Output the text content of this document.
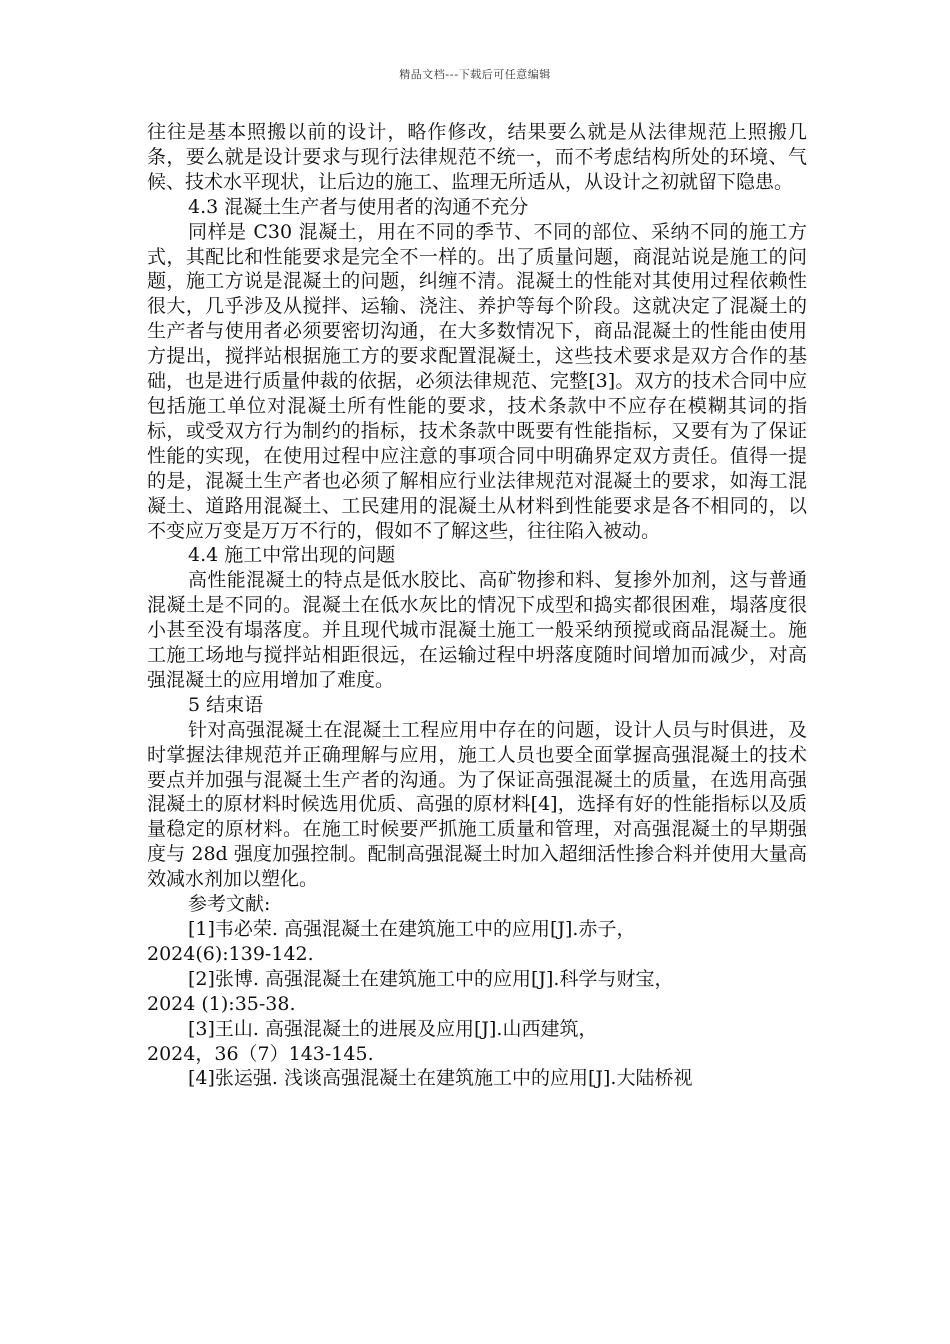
精品文档---下载后可任意编辑

往往是基本照搬以前的设计，略作修改，结果要么就是从法律规范上照搬几条，要么就是设计要求与现行法律规范不统一，而不考虑结构所处的环境、气候、技术水平现状，让后边的施工、监理无所适从，从设计之初就留下隐患。

4.3 混凝土生产者与使用者的沟通不充分

同样是 C30 混凝土，用在不同的季节、不同的部位、采纳不同的施工方式，其配比和性能要求是完全不一样的。出了质量问题，商混站说是施工的问题，施工方说是混凝土的问题，纠缠不清。混凝土的性能对其使用过程依赖性很大，几乎涉及从搅拌、运输、浇注、养护等每个阶段。这就决定了混凝土的生产者与使用者必须要密切沟通，在大多数情况下，商品混凝土的性能由使用方提出，搅拌站根据施工方的要求配置混凝土，这些技术要求是双方合作的基础，也是进行质量仲裁的依据，必须法律规范、完整[3]。双方的技术合同中应包括施工单位对混凝土所有性能的要求，技术条款中不应存在模糊其词的指标，或受双方行为制约的指标，技术条款中既要有性能指标，又要有为了保证性能的实现，在使用过程中应注意的事项合同中明确界定双方责任。值得一提的是，混凝土生产者也必须了解相应行业法律规范对混凝土的要求，如海工混凝土、道路用混凝土、工民建用的混凝土从材料到性能要求是各不相同的，以不变应万变是万万不行的，假如不了解这些，往往陷入被动。

4.4 施工中常出现的问题

高性能混凝土的特点是低水胶比、高矿物掺和料、复掺外加剂，这与普通混凝土是不同的。混凝土在低水灰比的情况下成型和捣实都很困难，塌落度很小甚至没有塌落度。并且现代城市混凝土施工一般采纳预搅或商品混凝土。施工施工场地与搅拌站相距很远，在运输过程中坍落度随时间增加而减少，对高强混凝土的应用增加了难度。

5 结束语

针对高强混凝土在混凝土工程应用中存在的问题，设计人员与时俱进，及时掌握法律规范并正确理解与应用，施工人员也要全面掌握高强混凝土的技术要点并加强与混凝土生产者的沟通。为了保证高强混凝土的质量，在选用高强混凝土的原材料时候选用优质、高强的原材料[4]，选择有好的性能指标以及质量稳定的原材料。在施工时候要严抓施工质量和管理，对高强混凝土的早期强度与 28d 强度加强控制。配制高强混凝土时加入超细活性掺合料并使用大量高效减水剂加以塑化。

参考文献:

[1]韦必荣. 高强混凝土在建筑施工中的应用[J].赤子，

2024(6):139-142.

[2]张博. 高强混凝土在建筑施工中的应用[J].科学与财宝，

2024 (1):35-38.

[3]王山. 高强混凝土的进展及应用[J].山西建筑，

2024，36（7）143-145.

[4]张运强. 浅谈高强混凝土在建筑施工中的应用[J].大陆桥视
